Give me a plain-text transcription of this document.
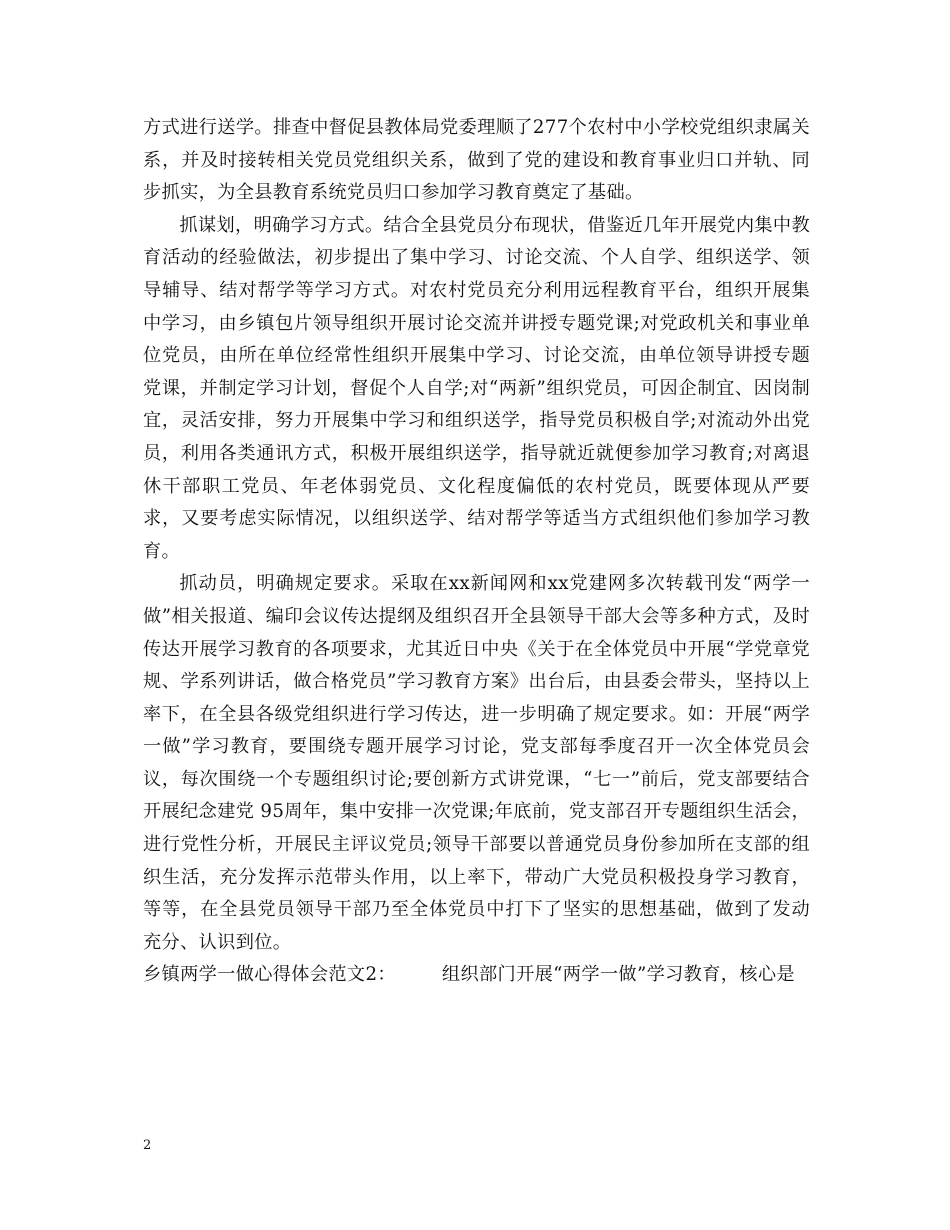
方式进行送学。排查中督促县教体局党委理顺了277个农村中小学校党组织隶属关系，并及时接转相关党员党组织关系，做到了党的建设和教育事业归口并轨、同步抓实，为全县教育系统党员归口参加学习教育奠定了基础。

抓谋划，明确学习方式。结合全县党员分布现状，借鉴近几年开展党内集中教育活动的经验做法，初步提出了集中学习、讨论交流、个人自学、组织送学、领导辅导、结对帮学等学习方式。对农村党员充分利用远程教育平台，组织开展集中学习，由乡镇包片领导组织开展讨论交流并讲授专题党课;对党政机关和事业单位党员，由所在单位经常性组织开展集中学习、讨论交流，由单位领导讲授专题党课，并制定学习计划，督促个人自学;对“两新”组织党员，可因企制宜、因岗制宜，灵活安排，努力开展集中学习和组织送学，指导党员积极自学;对流动外出党员，利用各类通讯方式，积极开展组织送学，指导就近就便参加学习教育;对离退休干部职工党员、年老体弱党员、文化程度偏低的农村党员，既要体现从严要求，又要考虑实际情况，以组织送学、结对帮学等适当方式组织他们参加学习教育。

抓动员，明确规定要求。采取在xx新闻网和xx党建网多次转载刊发“两学一做”相关报道、编印会议传达提纲及组织召开全县领导干部大会等多种方式，及时传达开展学习教育的各项要求，尤其近日中央《关于在全体党员中开展“学党章党规、学系列讲话，做合格党员”学习教育方案》出台后，由县委会带头，坚持以上率下，在全县各级党组织进行学习传达，进一步明确了规定要求。如：开展“两学一做”学习教育，要围绕专题开展学习讨论，党支部每季度召开一次全体党员会议，每次围绕一个专题组织讨论;要创新方式讲党课，“七一”前后，党支部要结合开展纪念建党 95周年，集中安排一次党课;年底前，党支部召开专题组织生活会，进行党性分析，开展民主评议党员;领导干部要以普通党员身份参加所在支部的组织生活，充分发挥示范带头作用，以上率下，带动广大党员积极投身学习教育，等等，在全县党员领导干部乃至全体党员中打下了坚实的思想基础，做到了发动充分、认识到位。

乡镇两学一做心得体会范文2：	组织部门开展“两学一做”学习教育，核心是

2
